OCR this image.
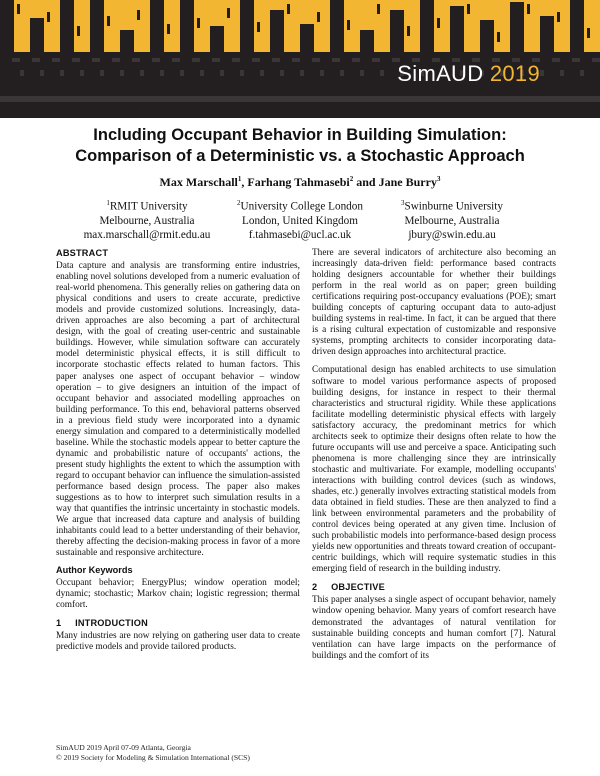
SimAUD 2019
Including Occupant Behavior in Building Simulation:
Comparison of a Deterministic vs. a Stochastic Approach
Max Marschall$^1$, Farhang Tahmasebi$^2$ and Jane Burry$^3$
$^1$RMIT University
Melbourne, Australia
max.marschall@rmit.edu.au
$^2$University College London
London, United Kingdom
f.tahmasebi@ucl.ac.uk
$^3$Swinburne University
Melbourne, Australia
jbury@swin.edu.au
ABSTRACT

Data capture and analysis are transforming entire industries, enabling novel solutions developed from a numeric evaluation of real-world phenomena. This generally relies on gathering data on physical conditions and users to create accurate, predictive models and provide customized solutions. Increasingly, data-driven approaches are also becoming a part of architectural design, with the goal of creating user-centric and sustainable buildings. However, while simulation software can accurately model deterministic physical effects, it is still difficult to incorporate stochastic effects related to human factors. This paper analyses one aspect of occupant behavior – window operation – to give designers an intuition of the impact of occupant behavior and associated modelling approaches on building performance. To this end, behavioral patterns observed in a previous field study were incorporated into a dynamic energy simulation and compared to a deterministically modelled baseline. While the stochastic models appear to better capture the dynamic and probabilistic nature of occupants' actions, the present study highlights the extent to which the assumption with regard to occupant behavior can influence the simulation-assisted performance based design process. The paper also makes suggestions as to how to interpret such simulation results in a way that quantifies the intrinsic uncertainty in stochastic models. We argue that increased data capture and analysis of building inhabitants could lead to a better understanding of their behavior, thereby affecting the decision-making process in favor of a more sustainable and responsive architecture.

Author Keywords

Occupant behavior; EnergyPlus; window operation model; dynamic; stochastic; Markov chain; logistic regression; thermal comfort.

1     INTRODUCTION

Many industries are now relying on gathering user data to create predictive models and provide tailored products.

There are several indicators of architecture also becoming an increasingly data-driven field: performance based contracts holding designers accountable for whether their buildings perform in the real world as on paper; green building certifications requiring post-occupancy evaluations (POE); smart building concepts of capturing occupant data to auto-adjust building systems in real-time. In fact, it can be argued that there is a rising cultural expectation of customizable and responsive systems, prompting architects to consider incorporating data-driven design approaches into architectural practice.

Computational design has enabled architects to use simulation software to model various performance aspects of proposed building designs, for instance in respect to their thermal characteristics and structural rigidity. While these applications facilitate modelling deterministic physical effects with largely satisfactory accuracy, the predominant metrics for which architects seek to optimize their designs often relate to how the future occupants will use and perceive a space. Anticipating such phenomena is more challenging since they are intrinsically stochastic and multivariate. For example, modelling occupants' interactions with building control devices (such as windows, shades, etc.) generally involves extracting statistical models from data obtained in field studies. These are then analyzed to find a link between environmental parameters and the probability of control devices being operated at any given time. Inclusion of such probabilistic models into performance-based design process yields new opportunities and threats toward creation of occupant-centric buildings, which will require systematic studies in this emerging field of research in the building industry.

2     OBJECTIVE

This paper analyses a single aspect of occupant behavior, namely window opening behavior. Many years of comfort research have demonstrated the advantages of natural ventilation for sustainable building concepts and human comfort [7]. Natural ventilation can have large impacts on the performance of buildings and the comfort of its

SimAUD 2019 April 07-09 Atlanta, Georgia
© 2019 Society for Modeling & Simulation International (SCS)
